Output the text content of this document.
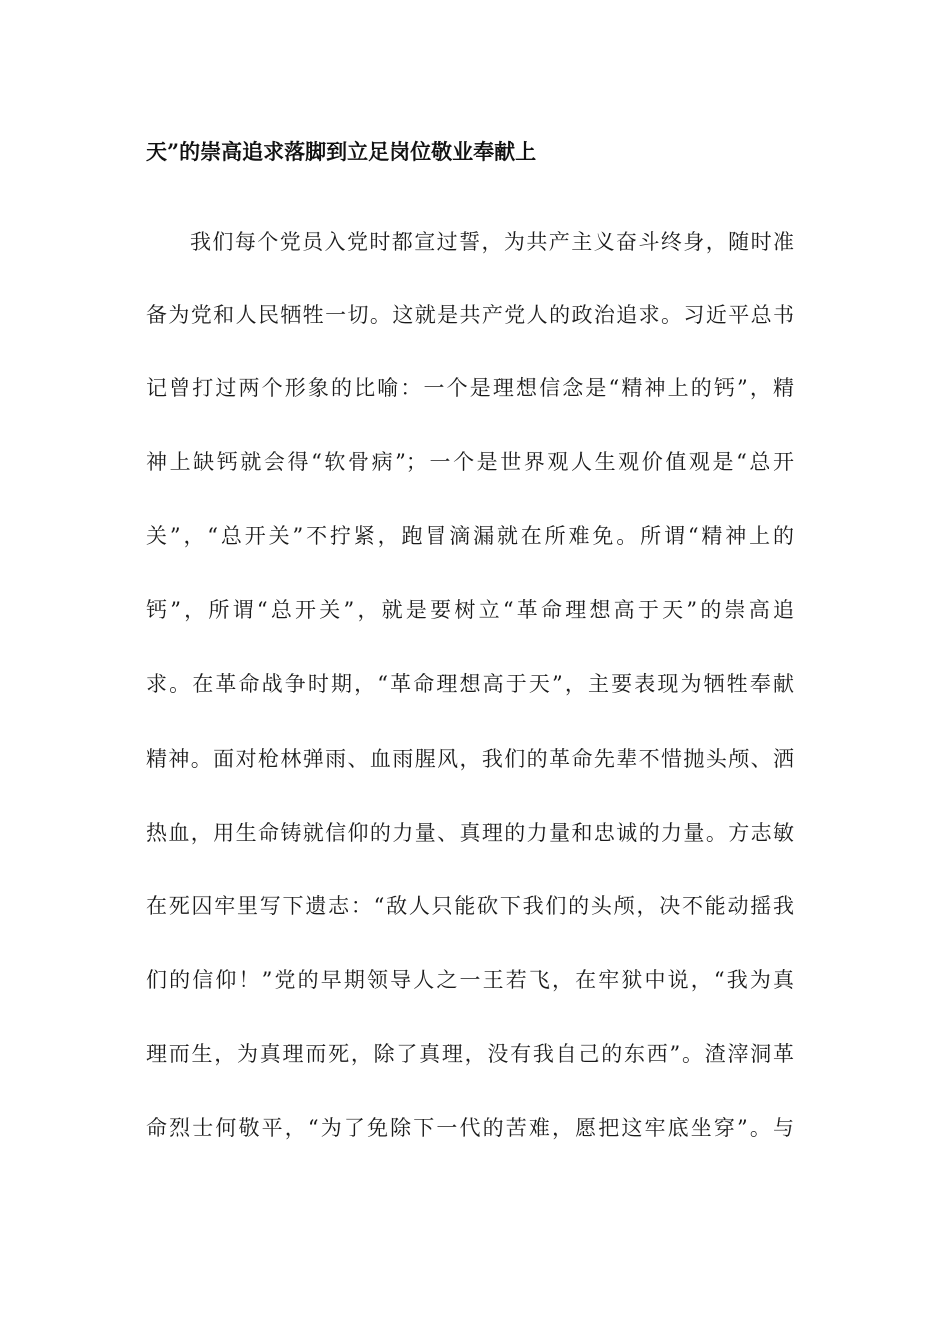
天”的崇高追求落脚到立足岗位敬业奉献上
我们每个党员入党时都宣过誓，为共产主义奋斗终身，随时准
备为党和人民牺牲一切。这就是共产党人的政治追求。习近平总书
记曾打过两个形象的比喻：一个是理想信念是“精神上的钙”，精
神上缺钙就会得“软骨病”；一个是世界观人生观价值观是“总开
关”，“总开关”不拧紧，跑冒滴漏就在所难免。所谓“精神上的
钙”，所谓“总开关”，就是要树立“革命理想高于天”的崇高追
求。在革命战争时期，“革命理想高于天”，主要表现为牺牲奉献
精神。面对枪林弹雨、血雨腥风，我们的革命先辈不惜抛头颅、洒
热血，用生命铸就信仰的力量、真理的力量和忠诚的力量。方志敏
在死囚牢里写下遗志：“敌人只能砍下我们的头颅，决不能动摇我
们的信仰！”党的早期领导人之一王若飞，在牢狱中说，“我为真
理而生，为真理而死，除了真理，没有我自己的东西”。渣滓洞革
命烈士何敬平，“为了免除下一代的苦难，愿把这牢底坐穿”。与
